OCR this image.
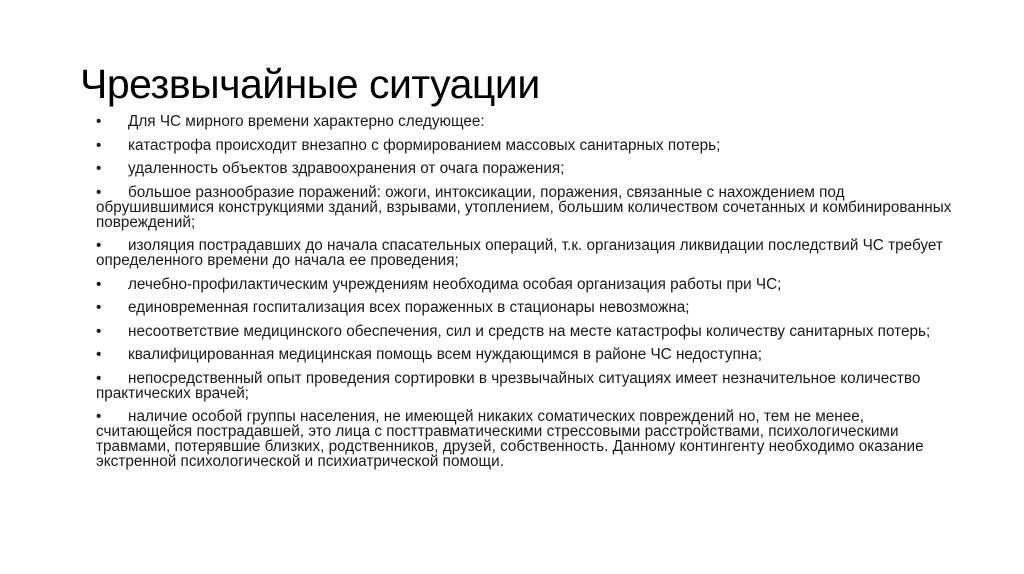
Чрезвычайные ситуации
•	Для ЧС мирного времени характерно следующее:
•	катастрофа происходит внезапно с формированием массовых санитарных потерь;
•	удаленность объектов здравоохранения от очага поражения;
•	большое разнообразие поражений: ожоги, интоксикации, поражения, связанные с нахождением под обрушившимися конструкциями зданий, взрывами, утоплением, большим количеством сочетанных и комбинированных повреждений;
•	изоляция пострадавших до начала спасательных операций, т.к. организация ликвидации последствий ЧС требует определенного времени до начала ее проведения;
•	лечебно-профилактическим учреждениям необходима особая организация работы при ЧС;
•	единовременная госпитализация всех пораженных в стационары невозможна;
•	несоответствие медицинского обеспечения, сил и средств на месте катастрофы количеству санитарных потерь;
•	квалифицированная медицинская помощь всем нуждающимся в районе ЧС недоступна;
•	непосредственный опыт проведения сортировки в чрезвычайных ситуациях имеет незначительное количество практических врачей;
•	наличие особой группы населения, не имеющей никаких соматических повреждений но, тем не менее, считающейся пострадавшей, это лица с посттравматическими стрессовыми расстройствами, психологическими травмами, потерявшие близких, родственников, друзей, собственность. Данному контингенту необходимо оказание экстренной психологической и психиатрической помощи.
